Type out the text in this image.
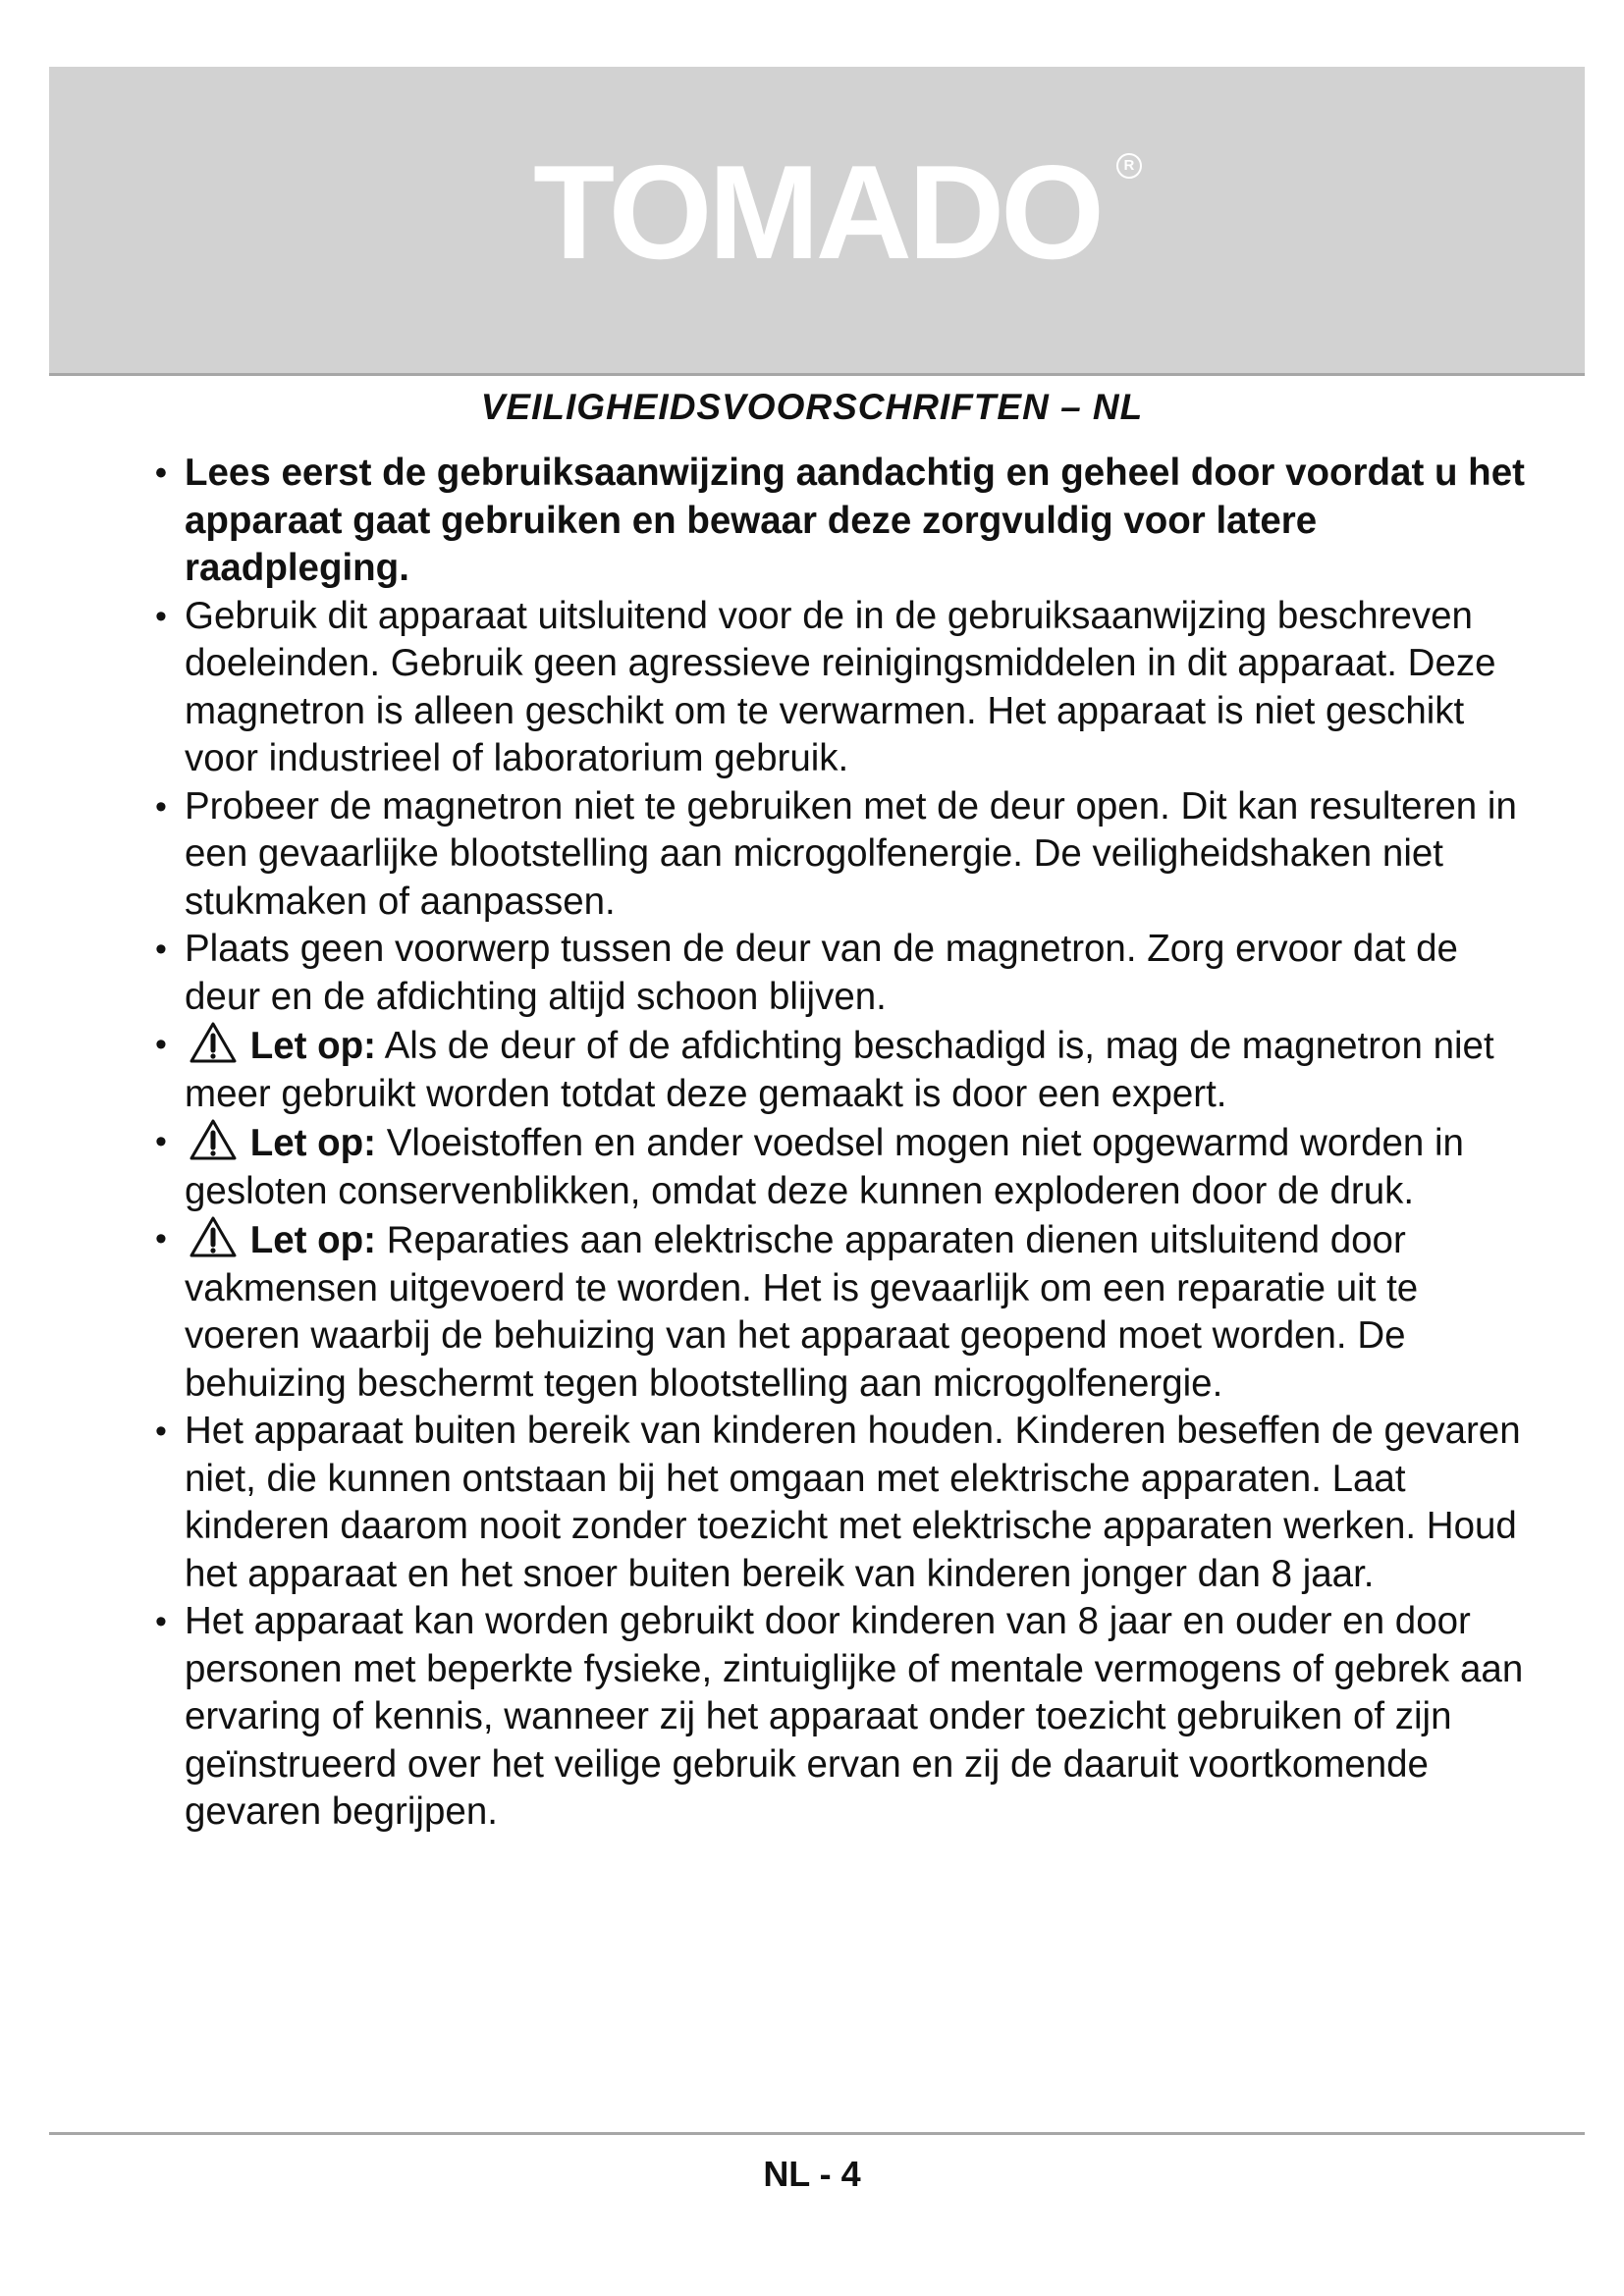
TOMADO	R
VEILIGHEIDSVOORSCHRIFTEN – NL
• Lees eerst de gebruiksaanwijzing aandachtig en geheel door voordat u het apparaat gaat gebruiken en bewaar deze zorgvuldig voor latere raadpleging.
• Gebruik dit apparaat uitsluitend voor de in de gebruiksaanwijzing beschreven doeleinden. Gebruik geen agressieve reinigingsmiddelen in dit apparaat. Deze magnetron is alleen geschikt om te verwarmen. Het apparaat is niet geschikt voor industrieel of laboratorium gebruik.
• Probeer de magnetron niet te gebruiken met de deur open. Dit kan resulteren in een gevaarlijke blootstelling aan microgolfenergie. De veiligheidshaken niet stukmaken of aanpassen.
• Plaats geen voorwerp tussen de deur van de magnetron. Zorg ervoor dat de deur en de afdichting altijd schoon blijven.
• Let op: Als de deur of de afdichting beschadigd is, mag de magnetron niet meer gebruikt worden totdat deze gemaakt is door een expert.
• Let op: Vloeistoffen en ander voedsel mogen niet opgewarmd worden in gesloten conservenblikken, omdat deze kunnen exploderen door de druk.
• Let op: Reparaties aan elektrische apparaten dienen uitsluitend door vakmensen uitgevoerd te worden. Het is gevaarlijk om een reparatie uit te voeren waarbij de behuizing van het apparaat geopend moet worden. De behuizing beschermt tegen blootstelling aan microgolfenergie.
• Het apparaat buiten bereik van kinderen houden. Kinderen beseffen de gevaren niet, die kunnen ontstaan bij het omgaan met elektrische apparaten. Laat kinderen daarom nooit zonder toezicht met elektrische apparaten werken. Houd het apparaat en het snoer buiten bereik van kinderen jonger dan 8 jaar.
• Het apparaat kan worden gebruikt door kinderen van 8 jaar en ouder en door personen met beperkte fysieke, zintuiglijke of mentale vermogens of gebrek aan ervaring of kennis, wanneer zij het apparaat onder toezicht gebruiken of zijn geïnstrueerd over het veilige gebruik ervan en zij de daaruit voortkomende gevaren begrijpen.
NL - 4
